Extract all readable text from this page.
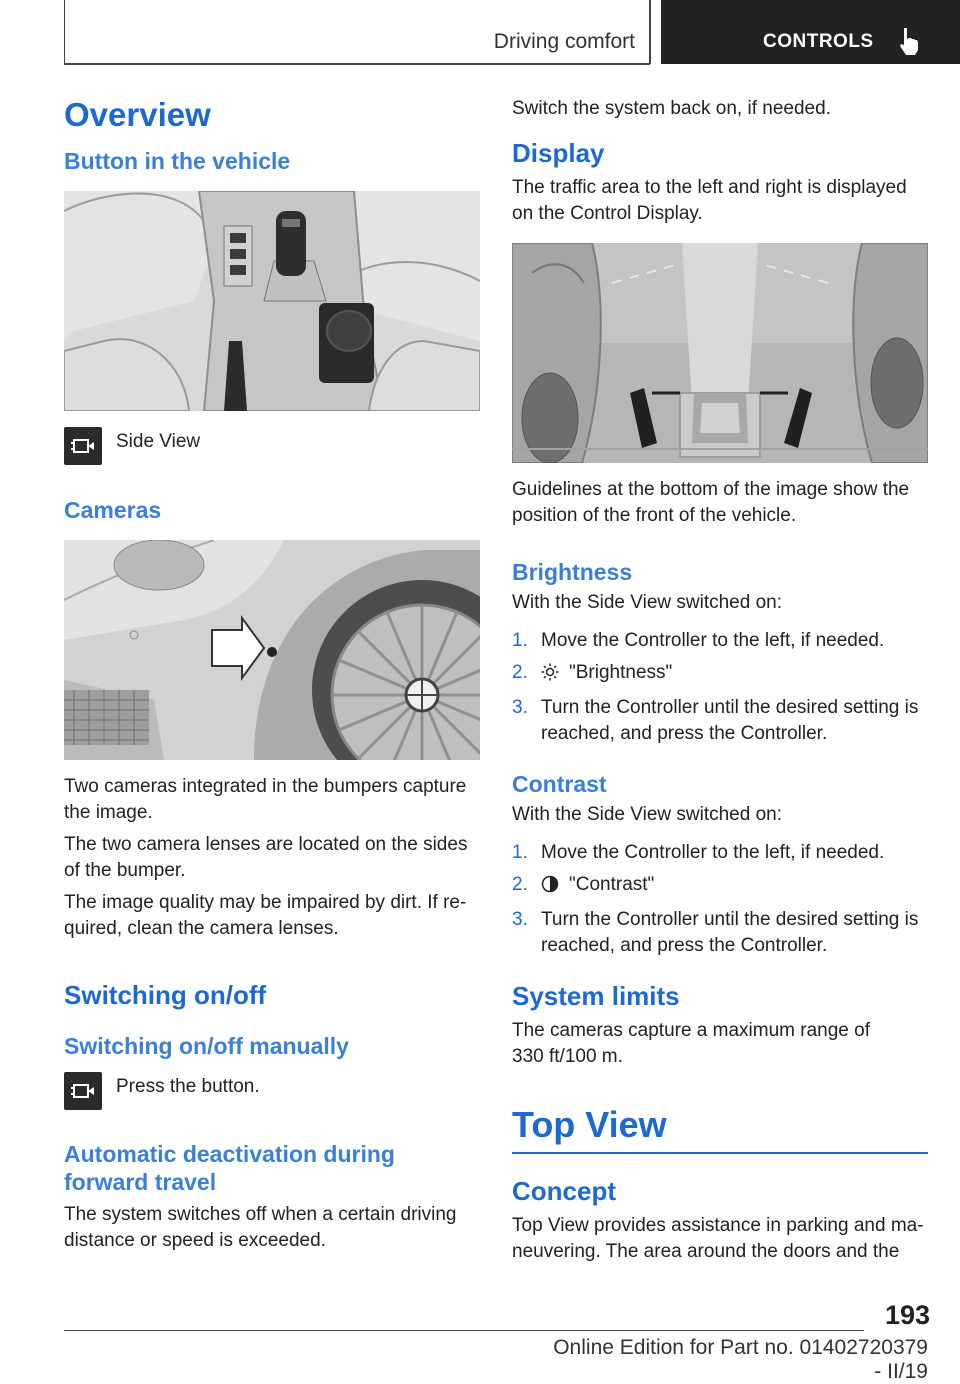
Driving comfort	CONTROLS
Overview
Button in the vehicle
Side View
Cameras

Two cameras integrated in the bumpers capture the image.

The two camera lenses are located on the sides of the bumper.

The image quality may be impaired by dirt. If re-quired, clean the camera lenses.

Switching on/off
Switching on/off manually
Press the button.
Automatic deactivation during forward travel

The system switches off when a certain driving distance or speed is exceeded.

Switch the system back on, if needed.

Display

The traffic area to the left and right is displayed on the Control Display.

Guidelines at the bottom of the image show the position of the front of the vehicle.

Brightness

With the Side View switched on:

1. Move the Controller to the left, if needed.
2. "Brightness"
3. Turn the Controller until the desired setting is reached, and press the Controller.
Contrast

With the Side View switched on:

1. Move the Controller to the left, if needed.
2. "Contrast"
3. Turn the Controller until the desired setting is reached, and press the Controller.
System limits

The cameras capture a maximum range of 330 ft/100 m.

Top View
Concept

Top View provides assistance in parking and ma-neuvering. The area around the doors and the

193
Online Edition for Part no. 01402720379 - II/19
